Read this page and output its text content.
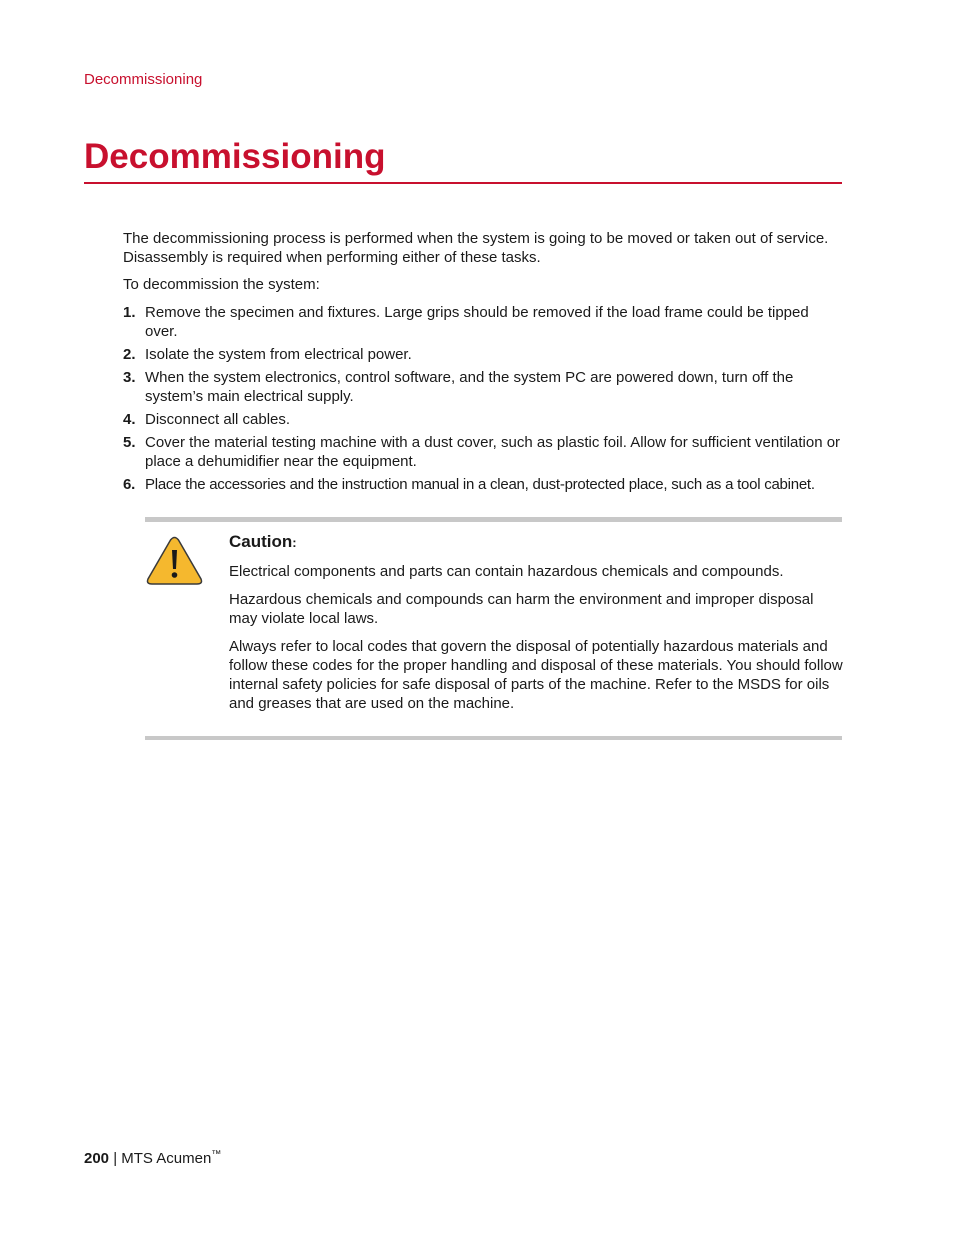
Decommissioning
Decommissioning

The decommissioning process is performed when the system is going to be moved or taken out of service. Disassembly is required when performing either of these tasks.

To decommission the system:

1. Remove the specimen and fixtures. Large grips should be removed if the load frame could be tipped over.
2. Isolate the system from electrical power.
3. When the system electronics, control software, and the system PC are powered down, turn off the system’s main electrical supply.
4. Disconnect all cables.
5. Cover the material testing machine with a dust cover, such as plastic foil. Allow for sufficient ventilation or place a dehumidifier near the equipment.
6. Place the accessories and the instruction manual in a clean, dust-protected place, such as a tool cabinet.
Caution:

Electrical components and parts can contain hazardous chemicals and compounds.

Hazardous chemicals and compounds can harm the environment and improper disposal may violate local laws.

Always refer to local codes that govern the disposal of potentially hazardous materials and follow these codes for the proper handling and disposal of these materials. You should follow internal safety policies for safe disposal of parts of the machine. Refer to the MSDS for oils and greases that are used on the machine.

200 | MTS Acumen™
